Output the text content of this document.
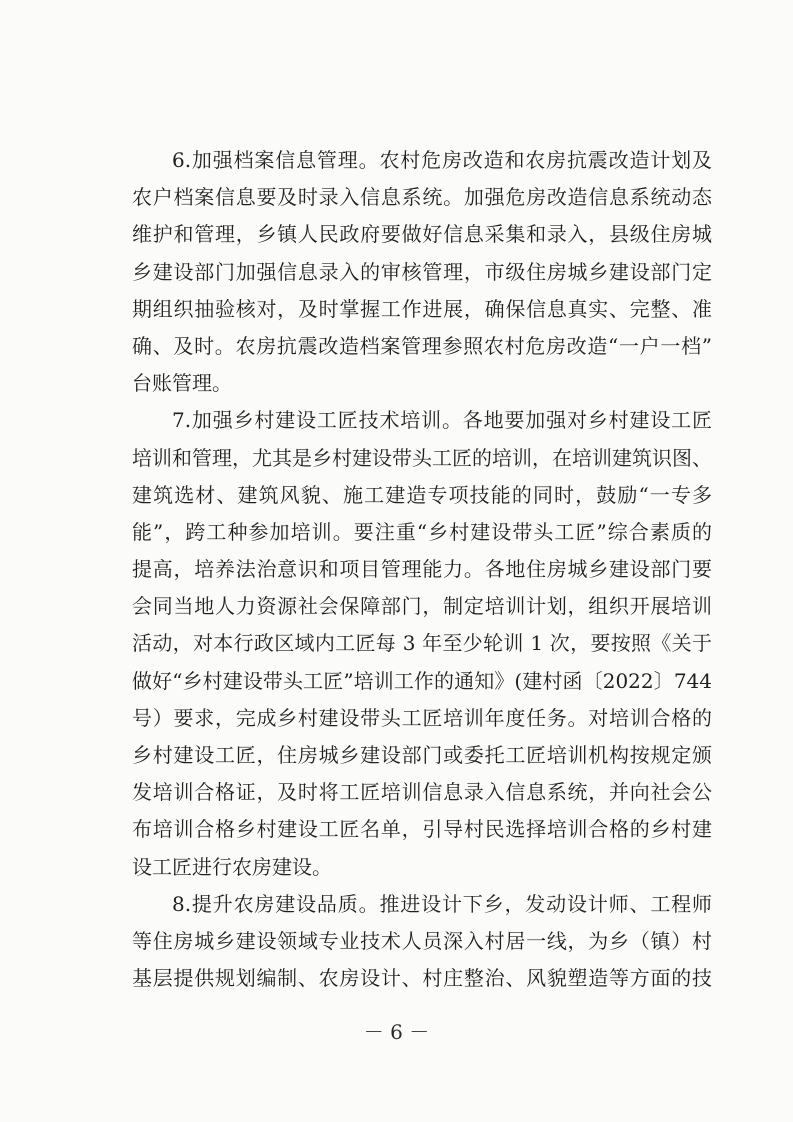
6.加强档案信息管理。农村危房改造和农房抗震改造计划及
农户档案信息要及时录入信息系统。加强危房改造信息系统动态
维护和管理，乡镇人民政府要做好信息采集和录入，县级住房城
乡建设部门加强信息录入的审核管理，市级住房城乡建设部门定
期组织抽验核对，及时掌握工作进展，确保信息真实、完整、准
确、及时。农房抗震改造档案管理参照农村危房改造“一户一档”
台账管理。
7.加强乡村建设工匠技术培训。各地要加强对乡村建设工匠
培训和管理，尤其是乡村建设带头工匠的培训，在培训建筑识图、
建筑选材、建筑风貌、施工建造专项技能的同时，鼓励“一专多
能”，跨工种参加培训。要注重“乡村建设带头工匠”综合素质的
提高，培养法治意识和项目管理能力。各地住房城乡建设部门要
会同当地人力资源社会保障部门，制定培训计划，组织开展培训
活动，对本行政区域内工匠每 3 年至少轮训 1 次，要按照《关于
做好“乡村建设带头工匠”培训工作的通知》(建村函〔2022〕744
号）要求，完成乡村建设带头工匠培训年度任务。对培训合格的
乡村建设工匠，住房城乡建设部门或委托工匠培训机构按规定颁
发培训合格证，及时将工匠培训信息录入信息系统，并向社会公
布培训合格乡村建设工匠名单，引导村民选择培训合格的乡村建
设工匠进行农房建设。
8.提升农房建设品质。推进设计下乡，发动设计师、工程师
等住房城乡建设领域专业技术人员深入村居一线，为乡（镇）村
基层提供规划编制、农房设计、村庄整治、风貌塑造等方面的技
－ 6 －
